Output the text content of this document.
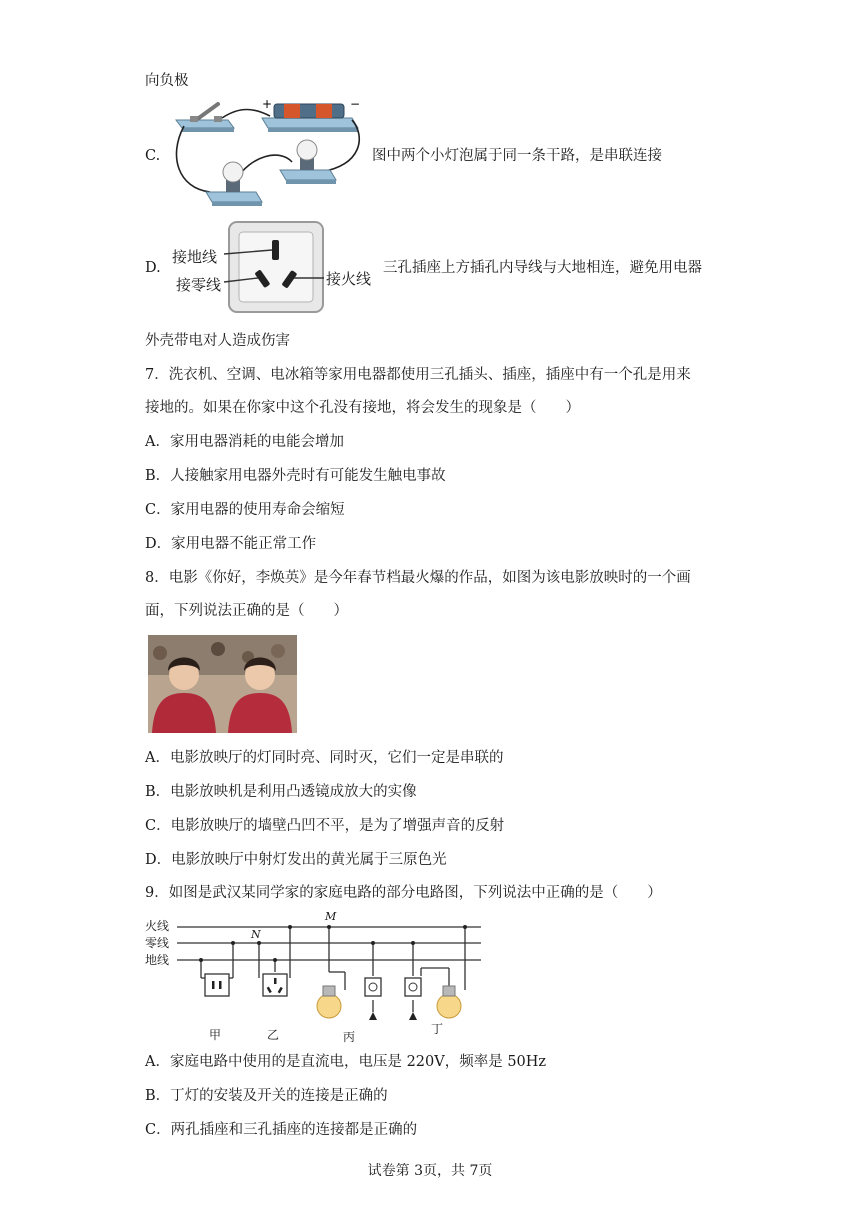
向负极
C.	图中两个小灯泡属于同一条干路，是串联连接
+	−
D.	三孔插座上方插孔内导线与大地相连，避免用电器
接地线
接零线	接火线
外壳带电对人造成伤害
7．洗衣机、空调、电冰箱等家用电器都使用三孔插头、插座，插座中有一个孔是用来
接地的。如果在你家中这个孔没有接地，将会发生的现象是（　　）
A．家用电器消耗的电能会增加
B．人接触家用电器外壳时有可能发生触电事故
C．家用电器的使用寿命会缩短
D．家用电器不能正常工作
8．电影《你好，李焕英》是今年春节档最火爆的作品，如图为该电影放映时的一个画
面，下列说法正确的是（　　）
A．电影放映厅的灯同时亮、同时灭，它们一定是串联的
B．电影放映机是利用凸透镜成放大的实像
C．电影放映厅的墙壁凸凹不平，是为了增强声音的反射
D．电影放映厅中射灯发出的黄光属于三原色光
9．如图是武汉某同学家的家庭电路的部分电路图，下列说法中正确的是（　　）
火线
零线
地线
M
N
甲	乙	丙
丁
A．家庭电路中使用的是直流电，电压是 220V，频率是 50Hz
B．丁灯的安装及开关的连接是正确的
C．两孔插座和三孔插座的连接都是正确的
试卷第 3页，共 7页
